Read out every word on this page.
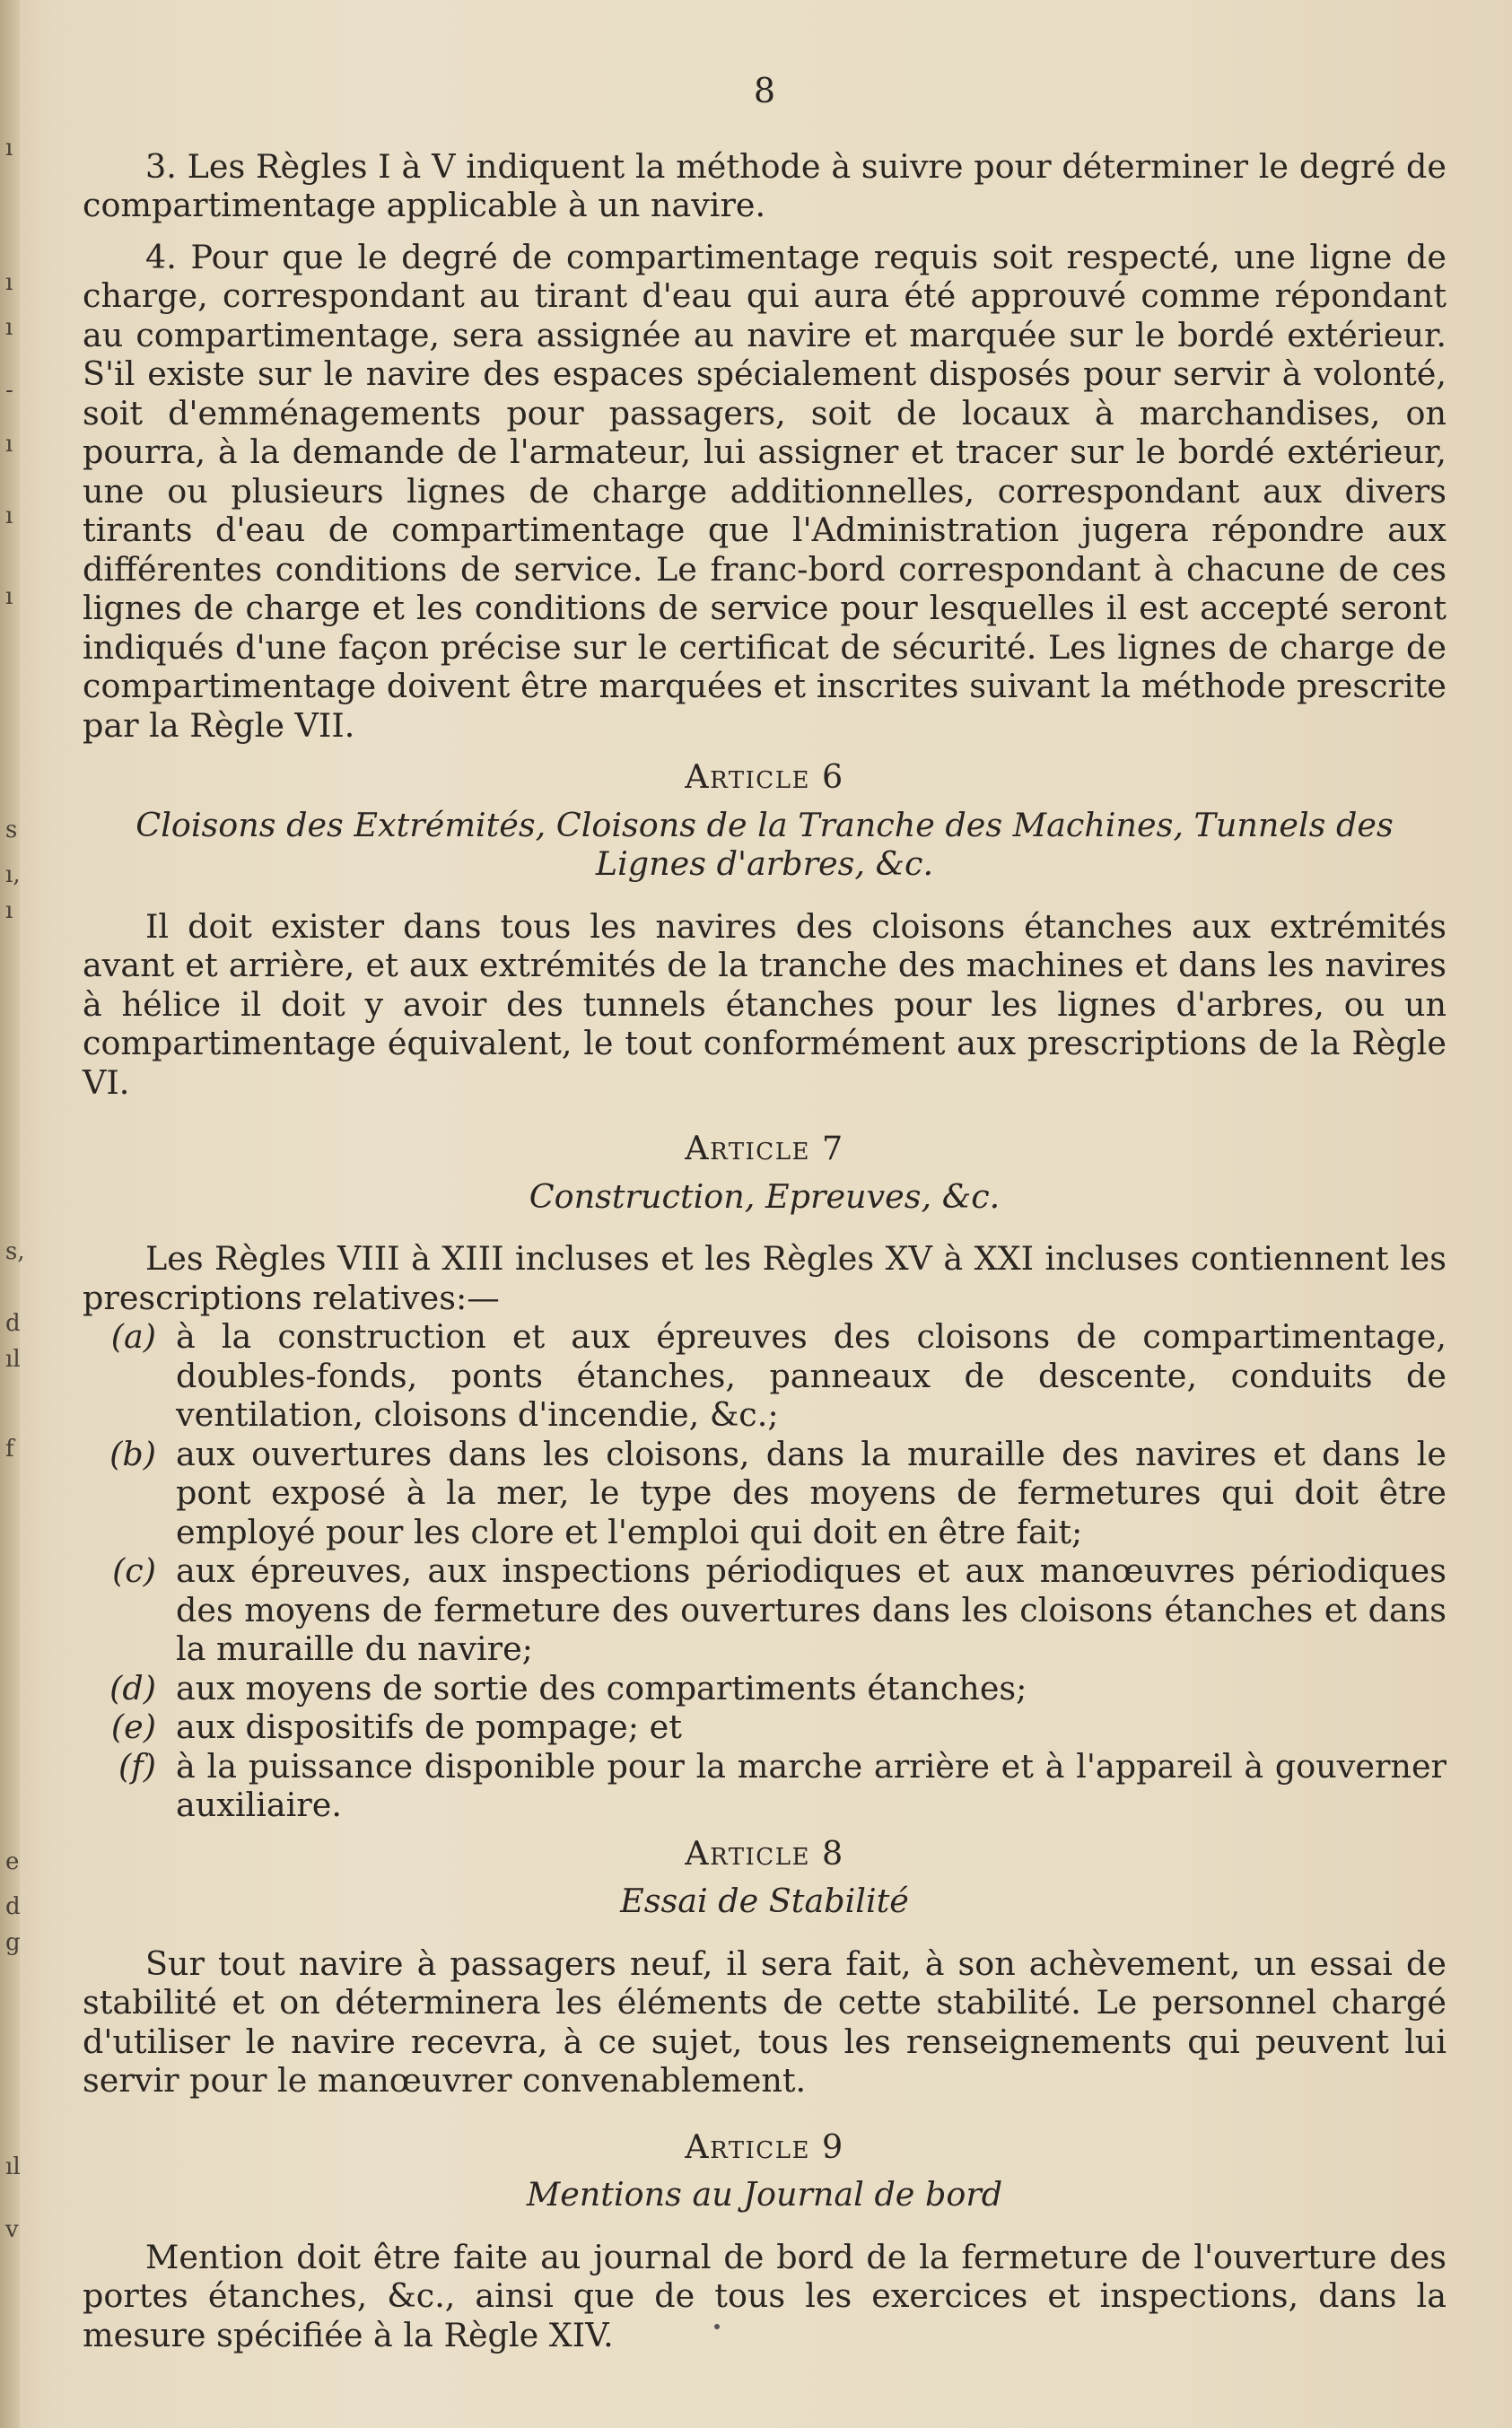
ı
ı
ı
-
ı
ı
ı
s
ı,
ı
s,
d
ıl
f
e
d
g
ıl
v
8

3. Les Règles I à V indiquent la méthode à suivre pour déterminer le degré de compartimentage applicable à un navire.

4. Pour que le degré de compartimentage requis soit respecté, une ligne de charge, correspondant au tirant d'eau qui aura été approuvé comme répondant au compartimentage, sera assignée au navire et marquée sur le bordé extérieur. S'il existe sur le navire des espaces spécialement disposés pour servir à volonté, soit d'emménagements pour passagers, soit de locaux à marchandises, on pourra, à la demande de l'armateur, lui assigner et tracer sur le bordé extérieur, une ou plusieurs lignes de charge additionnelles, correspondant aux divers tirants d'eau de compartimentage que l'Administration jugera répondre aux différentes conditions de service. Le franc-bord correspondant à chacune de ces lignes de charge et les conditions de service pour lesquelles il est accepté seront indiqués d'une façon précise sur le certificat de sécurité. Les lignes de charge de compartimentage doivent être marquées et inscrites suivant la méthode prescrite par la Règle VII.

Article 6
Cloisons des Extrémités, Cloisons de la Tranche des Machines, Tunnels des Lignes d'arbres, &c.

Il doit exister dans tous les navires des cloisons étanches aux extrémités avant et arrière, et aux extrémités de la tranche des machines et dans les navires à hélice il doit y avoir des tunnels étanches pour les lignes d'arbres, ou un compartimentage équivalent, le tout conformément aux prescriptions de la Règle VI.

Article 7
Construction, Epreuves, &c.

Les Règles VIII à XIII incluses et les Règles XV à XXI incluses contiennent les prescriptions relatives:—

(a) à la construction et aux épreuves des cloisons de compartimentage, doubles-fonds, ponts étanches, panneaux de descente, conduits de ventilation, cloisons d'incendie, &c.;
(b) aux ouvertures dans les cloisons, dans la muraille des navires et dans le pont exposé à la mer, le type des moyens de fermetures qui doit être employé pour les clore et l'emploi qui doit en être fait;
(c) aux épreuves, aux inspections périodiques et aux manœuvres périodiques des moyens de fermeture des ouvertures dans les cloisons étanches et dans la muraille du navire;
(d) aux moyens de sortie des compartiments étanches;
(e) aux dispositifs de pompage; et
(f) à la puissance disponible pour la marche arrière et à l'appareil à gouverner auxiliaire.
Article 8
Essai de Stabilité

Sur tout navire à passagers neuf, il sera fait, à son achèvement, un essai de stabilité et on déterminera les éléments de cette stabilité. Le personnel chargé d'utiliser le navire recevra, à ce sujet, tous les renseignements qui peuvent lui servir pour le manœuvrer convenablement.

Article 9
Mentions au Journal de bord

Mention doit être faite au journal de bord de la fermeture de l'ouverture des portes étanches, &c., ainsi que de tous les exercices et inspections, dans la mesure spécifiée à la Règle XIV.
